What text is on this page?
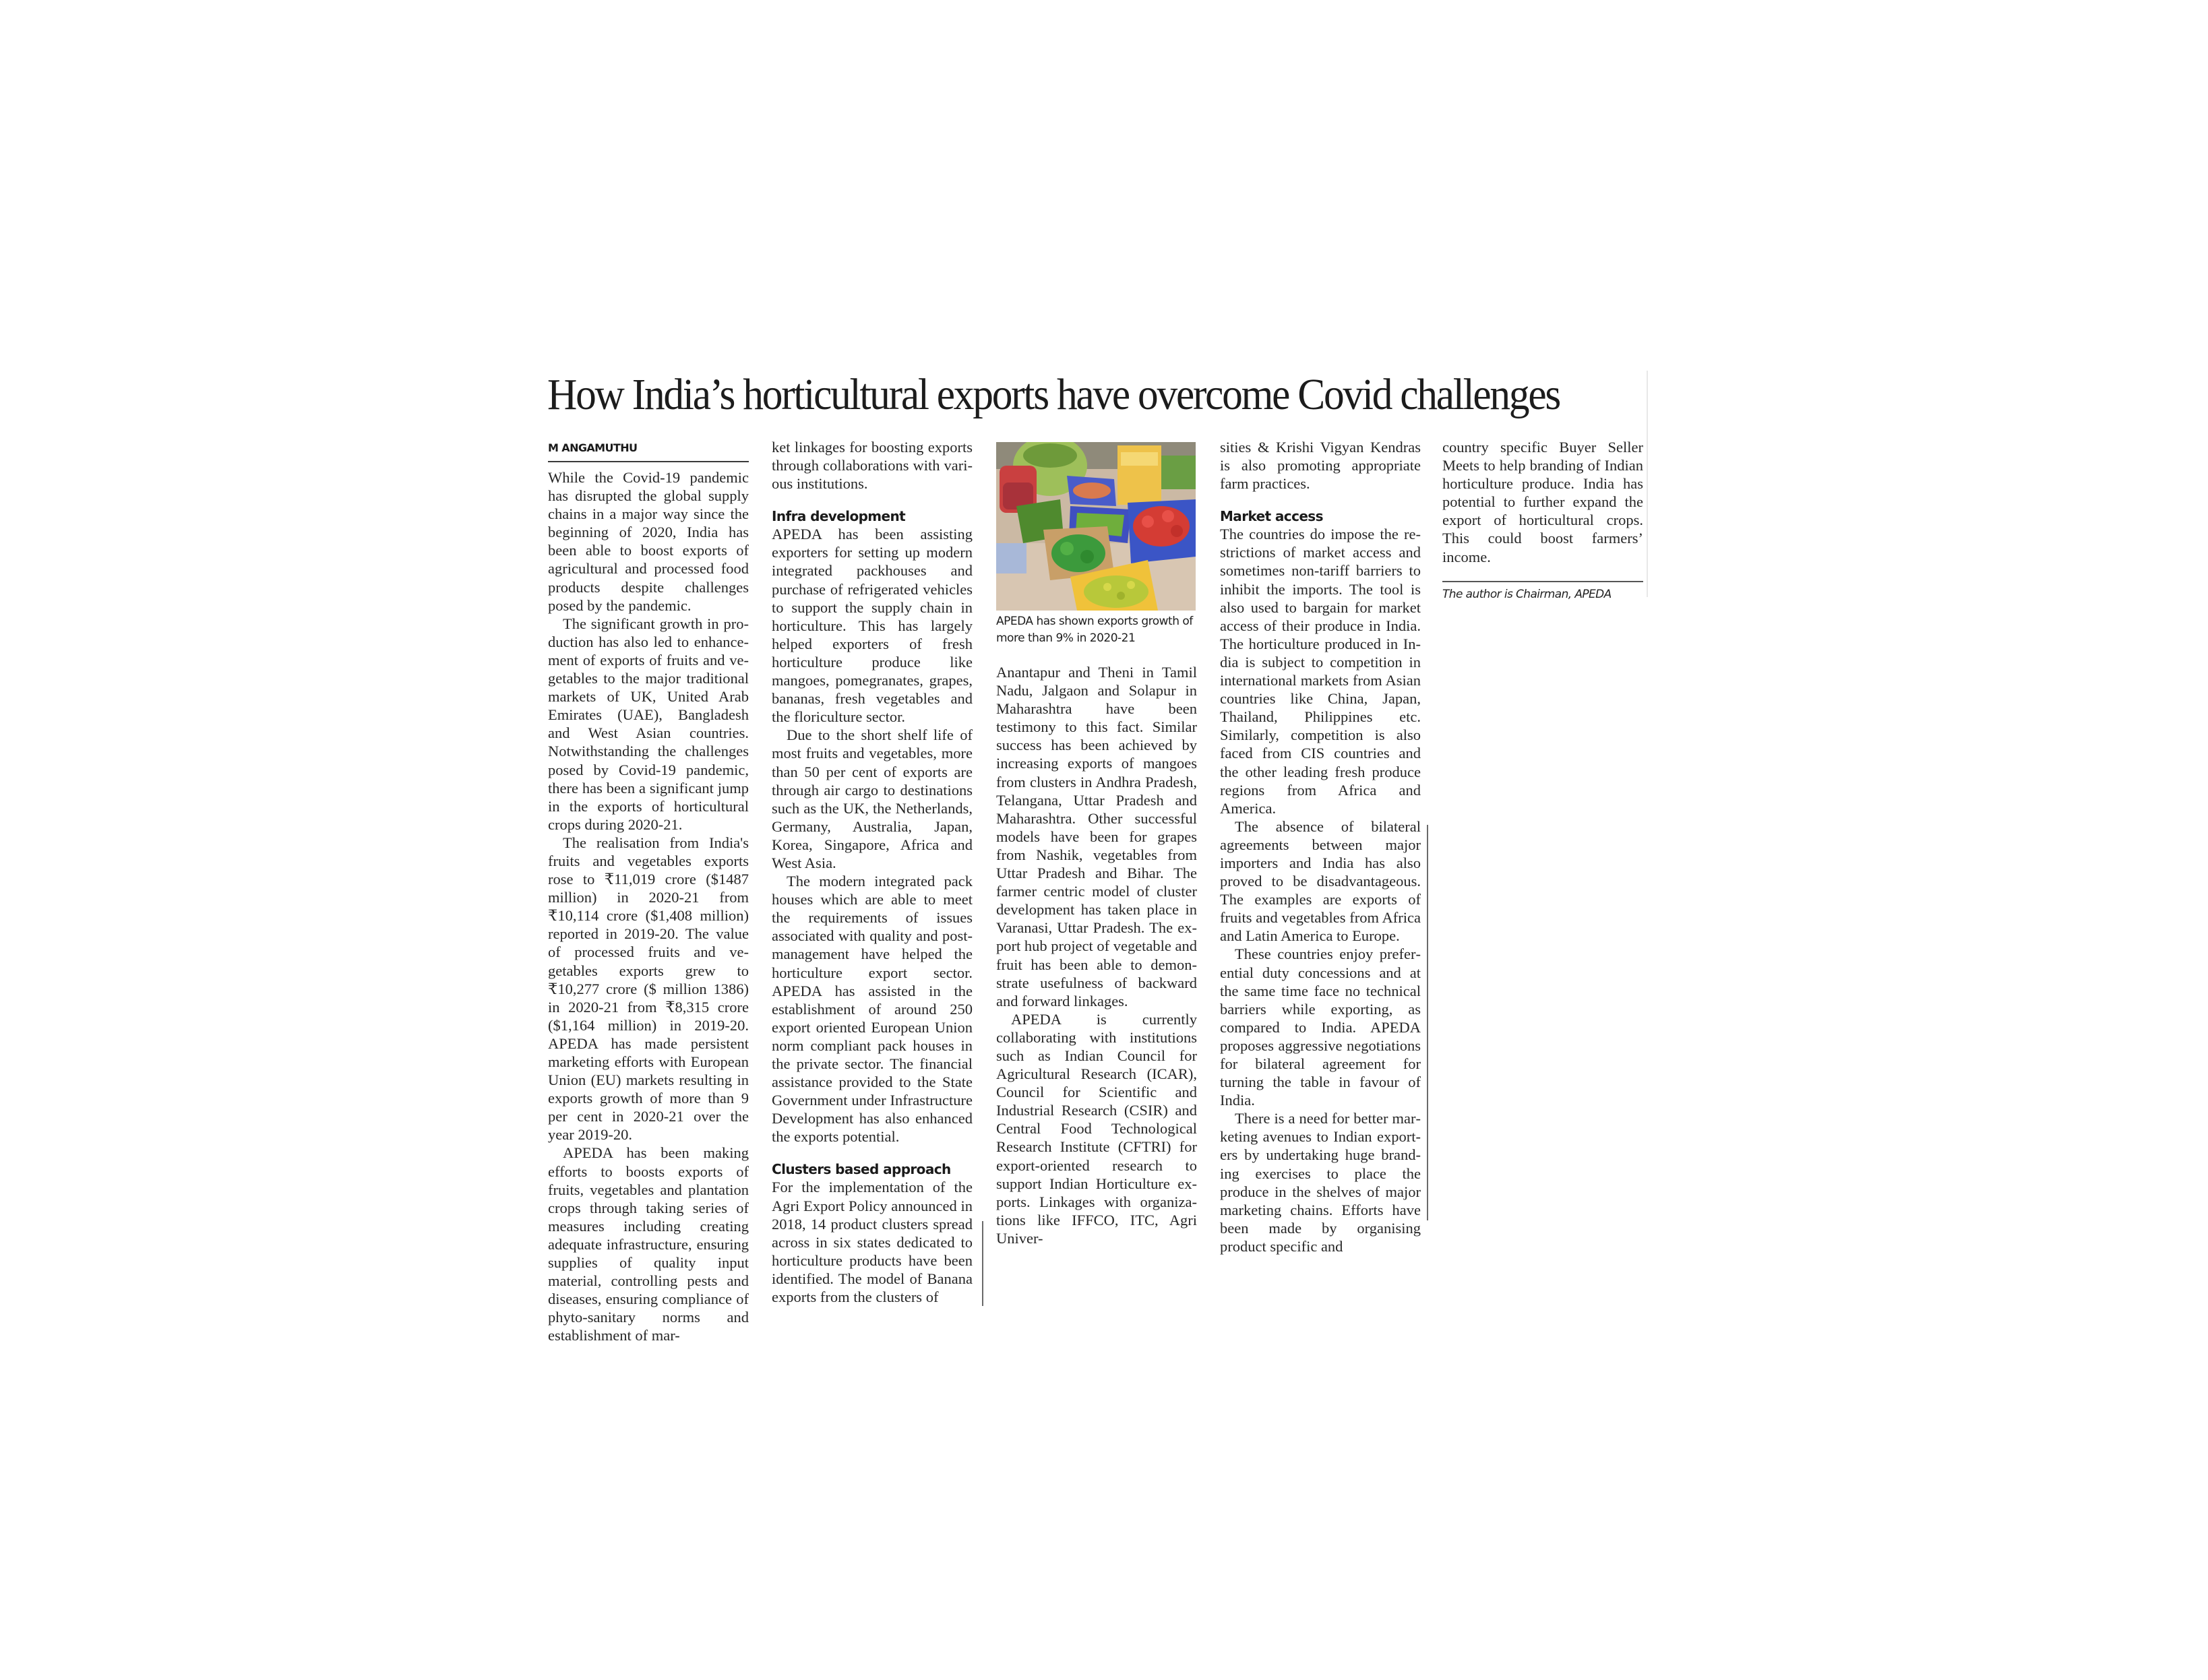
How India’s horticultural exports have overcome Covid challenges
M ANGAMUTHU

While the Covid-19 pandemic has disrupted the global supply chains in a major way since the beginning of 2020, India has been able to boost exports of agricultural and processed food products despite challenges posed by the pandemic.

The significant growth in production has also led to enhancement of exports of fruits and vegetables to the major traditional markets of UK, United Arab Emirates (UAE), Bangladesh and West Asian countries. Notwithstanding the challenges posed by Covid-19 pandemic, there has been a significant jump in the exports of horticultural crops during 2020-21.

The realisation from India's fruits and vegetables exports rose to ₹11,019 crore ($1487 million) in 2020-21 from ₹10,114 crore ($1,408 million) reported in 2019-20. The value of processed fruits and vegetables exports grew to ₹10,277 crore ($ million 1386) in 2020-21 from ₹8,315 crore ($1,164 million) in 2019-20. APEDA has made persistent marketing efforts with European Union (EU) markets resulting in exports growth of more than 9 per cent in 2020-21 over the year 2019-20.

APEDA has been making efforts to boosts exports of fruits, vegetables and plantation crops through taking series of measures including creating adequate infrastructure, ensuring supplies of quality input material, controlling pests and diseases, ensuring compliance of phyto-sanitary norms and establishment of mar-

ket linkages for boosting exports through collaborations with various institutions.

Infra development

APEDA has been assisting exporters for setting up modern integrated packhouses and purchase of refrigerated vehicles to support the supply chain in horticulture. This has largely helped exporters of fresh horticulture produce like mangoes, pomegranates, grapes, bananas, fresh vegetables and the floriculture sector.

Due to the short shelf life of most fruits and vegetables, more than 50 per cent of exports are through air cargo to destinations such as the UK, the Netherlands, Germany, Australia, Japan, Korea, Singapore, Africa and West Asia.

The modern integrated pack houses which are able to meet the requirements of issues associated with quality and post-management have helped the horticulture export sector. APEDA has assisted in the establishment of around 250 export oriented European Union norm compliant pack houses in the private sector. The financial assistance provided to the State Government under Infrastructure Development has also enhanced the exports potential.

Clusters based approach

For the implementation of the Agri Export Policy announced in 2018, 14 product clusters spread across in six states dedicated to horticulture products have been identified. The model of Banana exports from the clusters of

APEDA has shown exports growth of more than 9% in 2020-21

Anantapur and Theni in Tamil Nadu, Jalgaon and Solapur in Maharashtra have been testimony to this fact. Similar success has been achieved by increasing exports of mangoes from clusters in Andhra Pradesh, Telangana, Uttar Pradesh and Maharashtra. Other successful models have been for grapes from Nashik, vegetables from Uttar Pradesh and Bihar. The farmer centric model of cluster development has taken place in Varanasi, Uttar Pradesh. The export hub project of vegetable and fruit has been able to demonstrate usefulness of backward and forward linkages.

APEDA is currently collaborating with institutions such as Indian Council for Agricultural Research (ICAR), Council for Scientific and Industrial Research (CSIR) and Central Food Technological Research Institute (CFTRI) for export-oriented research to support Indian Horticulture exports. Linkages with organizations like IFFCO, ITC, Agri Univer-

sities & Krishi Vigyan Kendras is also promoting appropriate farm practices.

Market access

The countries do impose the restrictions of market access and sometimes non-tariff barriers to inhibit the imports. The tool is also used to bargain for market access of their produce in India. The horticulture produced in India is subject to competition in international markets from Asian countries like China, Japan, Thailand, Philippines etc. Similarly, competition is also faced from CIS countries and the other leading fresh produce regions from Africa and America.

The absence of bilateral agreements between major importers and India has also proved to be disadvantageous. The examples are exports of fruits and vegetables from Africa and Latin America to Europe.

These countries enjoy preferential duty concessions and at the same time face no technical barriers while exporting, as compared to India. APEDA proposes aggressive negotiations for bilateral agreement for turning the table in favour of India.

There is a need for better marketing avenues to Indian exporters by undertaking huge branding exercises to place the produce in the shelves of major marketing chains. Efforts have been made by organising product specific and

country specific Buyer Seller Meets to help branding of Indian horticulture produce. India has potential to further expand the export of horticultural crops. This could boost farmers’ income.

The author is Chairman, APEDA
